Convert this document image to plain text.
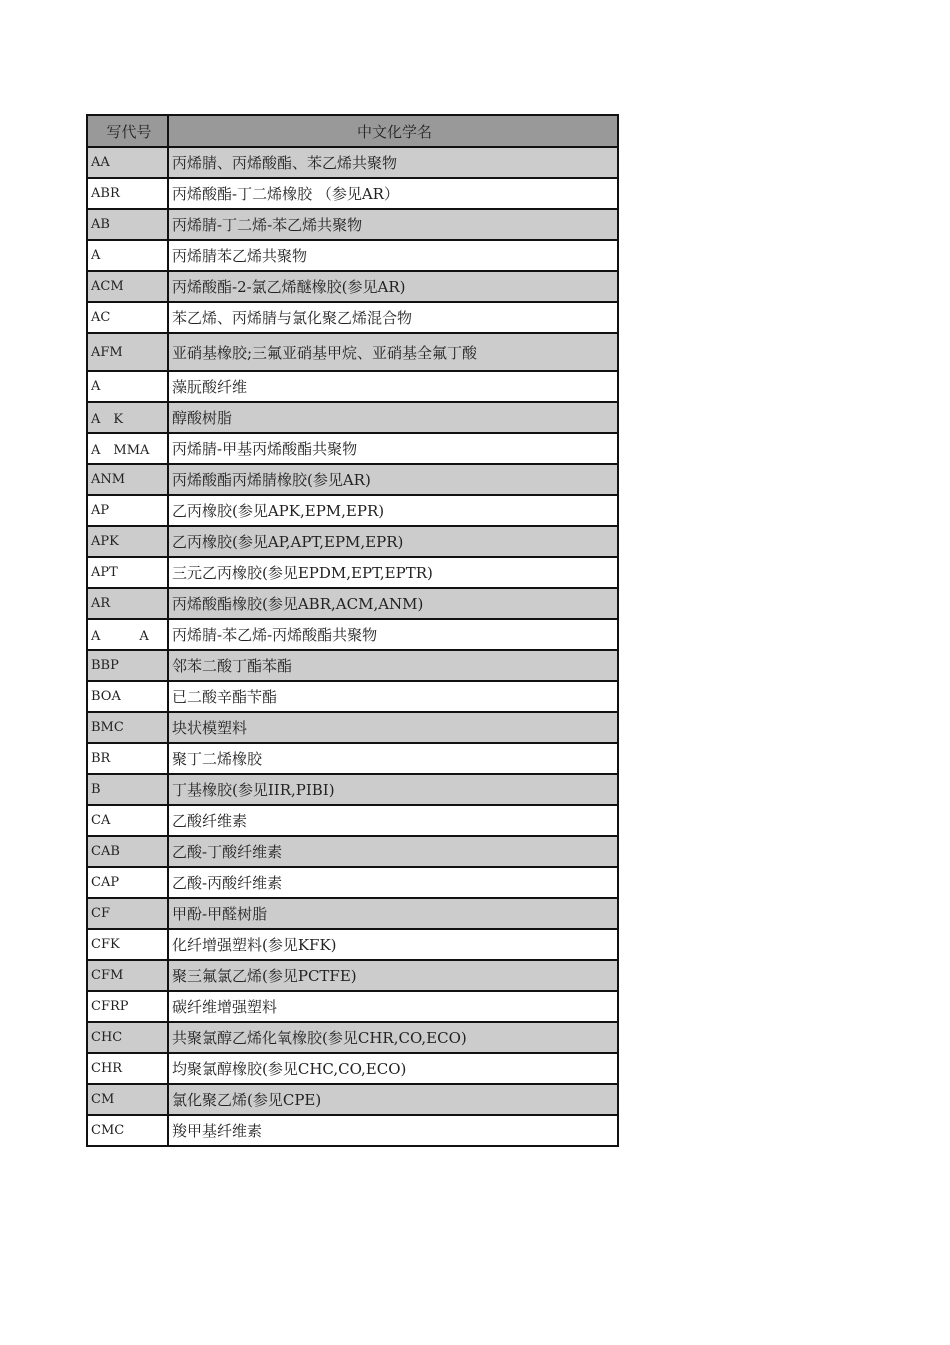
写代号	中文化学名
AA	丙烯腈、丙烯酸酯、苯乙烯共聚物
ABR	丙烯酸酯-丁二烯橡胶 （参见AR）
AB	丙烯腈-丁二烯-苯乙烯共聚物
A	丙烯腈苯乙烯共聚物
ACM	丙烯酸酯-2-氯乙烯醚橡胶(参见AR)
AC	苯乙烯、丙烯腈与氯化聚乙烯混合物
AFM	亚硝基橡胶;三氟亚硝基甲烷、亚硝基全氟丁酸
A	藻朊酸纤维
A　K	醇酸树脂
A　MMA	丙烯腈-甲基丙烯酸酯共聚物
ANM	丙烯酸酯丙烯腈橡胶(参见AR)
AP	乙丙橡胶(参见APK,EPM,EPR)
APK	乙丙橡胶(参见AP,APT,EPM,EPR)
APT	三元乙丙橡胶(参见EPDM,EPT,EPTR)
AR	丙烯酸酯橡胶(参见ABR,ACM,ANM)
A　　　A	丙烯腈-苯乙烯-丙烯酸酯共聚物
BBP	邻苯二酸丁酯苯酯
BOA	已二酸辛酯苄酯
BMC	块状模塑料
BR	聚丁二烯橡胶
B	丁基橡胶(参见IIR,PIBI)
CA	乙酸纤维素
CAB	乙酸-丁酸纤维素
CAP	乙酸-丙酸纤维素
CF	甲酚-甲醛树脂
CFK	化纤增强塑料(参见KFK)
CFM	聚三氟氯乙烯(参见PCTFE)
CFRP	碳纤维增强塑料
CHC	共聚氯醇乙烯化氧橡胶(参见CHR,CO,ECO)
CHR	均聚氯醇橡胶(参见CHC,CO,ECO)
CM	氯化聚乙烯(参见CPE)
CMC	羧甲基纤维素
